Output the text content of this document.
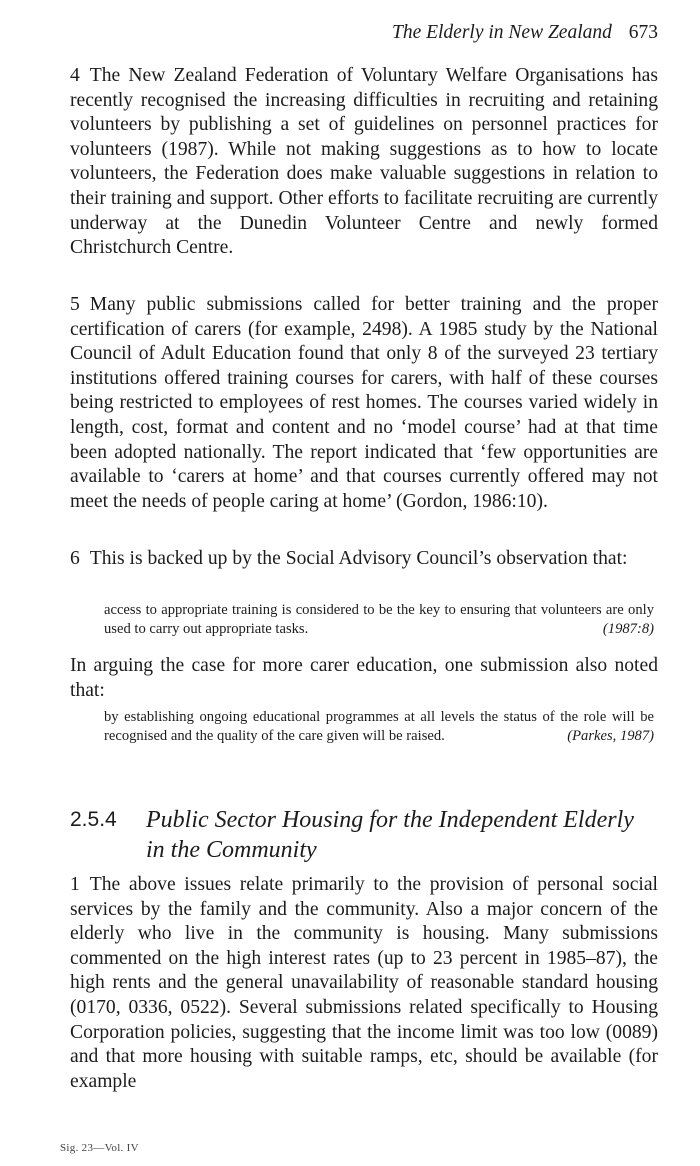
The Elderly in New Zealand 673

4 The New Zealand Federation of Voluntary Welfare Organisations has recently recognised the increasing difficulties in recruiting and retaining volunteers by publishing a set of guidelines on personnel practices for volunteers (1987). While not making suggestions as to how to locate volunteers, the Federation does make valuable suggestions in relation to their training and support. Other efforts to facilitate recruiting are currently underway at the Dunedin Volunteer Centre and newly formed Christchurch Centre.

5 Many public submissions called for better training and the proper certification of carers (for example, 2498). A 1985 study by the National Council of Adult Education found that only 8 of the surveyed 23 tertiary institutions offered training courses for carers, with half of these courses being restricted to employees of rest homes. The courses varied widely in length, cost, format and content and no ‘model course’ had at that time been adopted nationally. The report indicated that ‘few opportunities are available to ‘carers at home’ and that courses currently offered may not meet the needs of people caring at home’ (Gordon, 1986:10).

6 This is backed up by the Social Advisory Council’s observation that:

access to appropriate training is considered to be the key to ensuring that volunteers are only used to carry out appropriate tasks.	(1987:8)

In arguing the case for more carer education, one submission also noted that:

by establishing ongoing educational programmes at all levels the status of the role will be recognised and the quality of the care given will be raised.	(Parkes, 1987)
2.5.4 Public Sector Housing for the Independent Elderly in the Community

1 The above issues relate primarily to the provision of personal social services by the family and the community. Also a major concern of the elderly who live in the community is housing. Many submissions commented on the high interest rates (up to 23 percent in 1985–87), the high rents and the general unavailability of reasonable standard housing (0170, 0336, 0522). Several submissions related specifically to Housing Corporation policies, suggesting that the income limit was too low (0089) and that more housing with suitable ramps, etc, should be available (for example

Sig. 23—Vol. IV
